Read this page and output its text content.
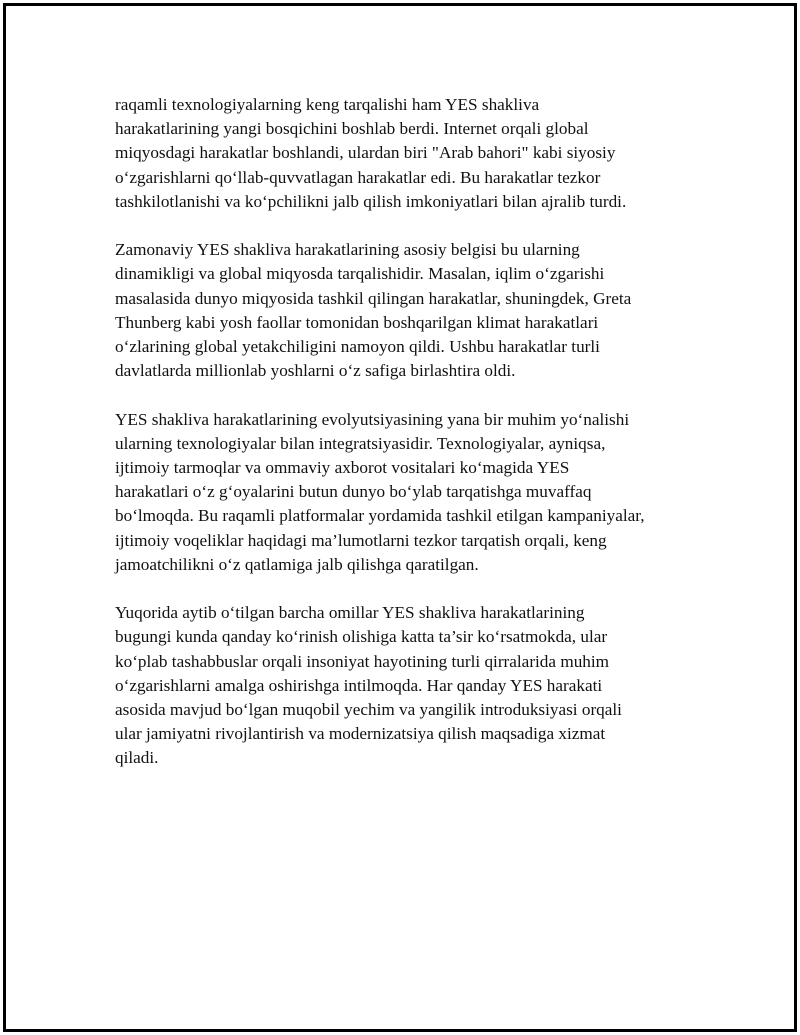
raqamli texnologiyalarning keng tarqalishi ham YES shakliva
harakatlarining yangi bosqichini boshlab berdi. Internet orqali global
miqyosdagi harakatlar boshlandi, ulardan biri "Arab bahori" kabi siyosiy
o‘zgarishlarni qo‘llab-quvvatlagan harakatlar edi. Bu harakatlar tezkor
tashkilotlanishi va ko‘pchilikni jalb qilish imkoniyatlari bilan ajralib turdi.

Zamonaviy YES shakliva harakatlarining asosiy belgisi bu ularning
dinamikligi va global miqyosda tarqalishidir. Masalan, iqlim o‘zgarishi
masalasida dunyo miqyosida tashkil qilingan harakatlar, shuningdek, Greta
Thunberg kabi yosh faollar tomonidan boshqarilgan klimat harakatlari
o‘zlarining global yetakchiligini namoyon qildi. Ushbu harakatlar turli
davlatlarda millionlab yoshlarni o‘z safiga birlashtira oldi.

YES shakliva harakatlarining evolyutsiyasining yana bir muhim yo‘nalishi
ularning texnologiyalar bilan integratsiyasidir. Texnologiyalar, ayniqsa,
ijtimoiy tarmoqlar va ommaviy axborot vositalari ko‘magida YES
harakatlari o‘z g‘oyalarini butun dunyo bo‘ylab tarqatishga muvaffaq
bo‘lmoqda. Bu raqamli platformalar yordamida tashkil etilgan kampaniyalar,
ijtimoiy voqeliklar haqidagi ma’lumotlarni tezkor tarqatish orqali, keng
jamoatchilikni o‘z qatlamiga jalb qilishga qaratilgan.

Yuqorida aytib o‘tilgan barcha omillar YES shakliva harakatlarining
bugungi kunda qanday ko‘rinish olishiga katta ta’sir ko‘rsatmokda, ular
ko‘plab tashabbuslar orqali insoniyat hayotining turli qirralarida muhim
o‘zgarishlarni amalga oshirishga intilmoqda. Har qanday YES harakati
asosida mavjud bo‘lgan muqobil yechim va yangilik introduksiyasi orqali
ular jamiyatni rivojlantirish va modernizatsiya qilish maqsadiga xizmat
qiladi.
